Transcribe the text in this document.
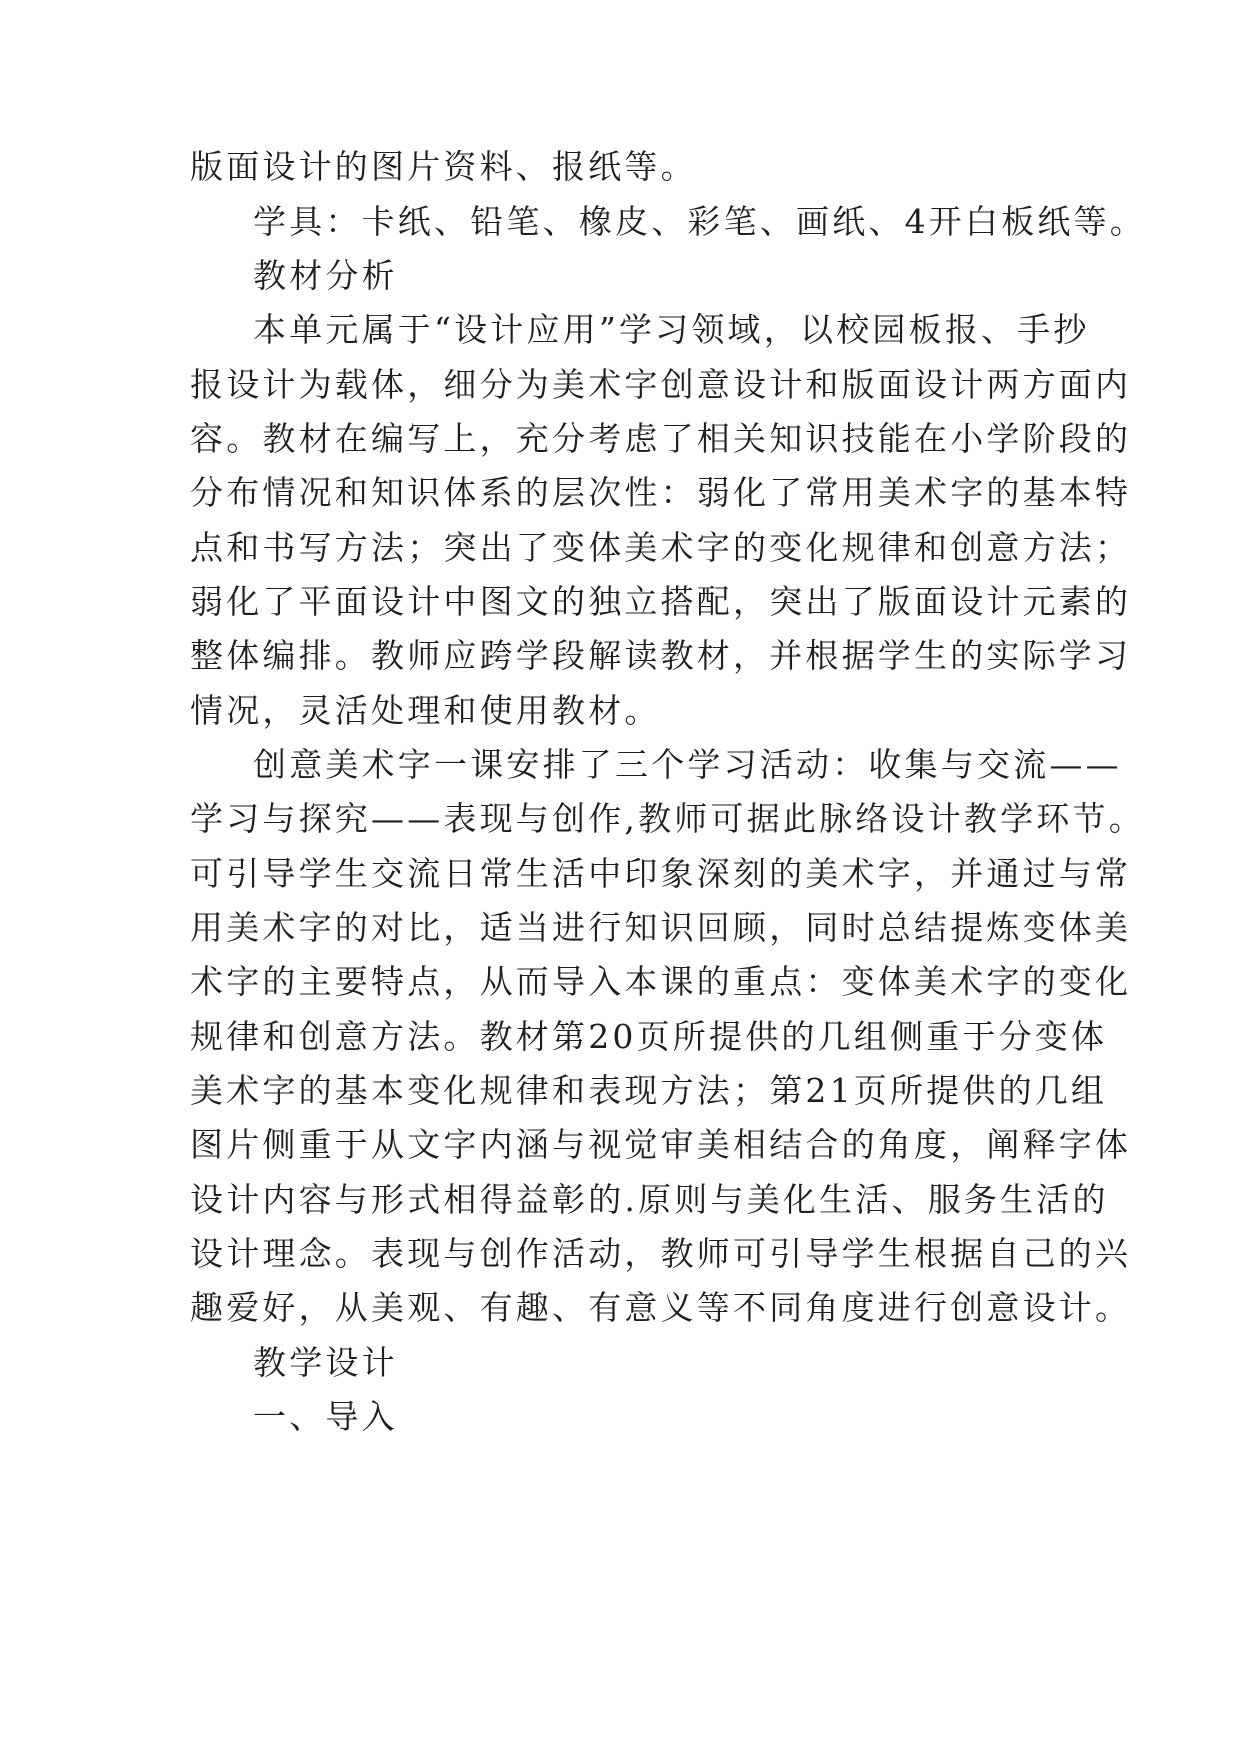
版面设计的图片资料、报纸等。

学具：卡纸、铅笔、橡皮、彩笔、画纸、4开白板纸等。

教材分析

本单元属于“设计应用”学习领域，以校园板报、手抄

报设计为载体，细分为美术字创意设计和版面设计两方面内

容。教材在编写上，充分考虑了相关知识技能在小学阶段的

分布情况和知识体系的层次性：弱化了常用美术字的基本特

点和书写方法；突出了变体美术字的变化规律和创意方法；

弱化了平面设计中图文的独立搭配，突出了版面设计元素的

整体编排。教师应跨学段解读教材，并根据学生的实际学习

情况，灵活处理和使用教材。

创意美术字一课安排了三个学习活动：收集与交流——

学习与探究——表现与创作,教师可据此脉络设计教学环节。

可引导学生交流日常生活中印象深刻的美术字，并通过与常

用美术字的对比，适当进行知识回顾，同时总结提炼变体美

术字的主要特点，从而导入本课的重点：变体美术字的变化

规律和创意方法。教材第20页所提供的几组侧重于分变体

美术字的基本变化规律和表现方法；第21页所提供的几组

图片侧重于从文字内涵与视觉审美相结合的角度，阐释字体

设计内容与形式相得益彰的.原则与美化生活、服务生活的

设计理念。表现与创作活动，教师可引导学生根据自己的兴

趣爱好，从美观、有趣、有意义等不同角度进行创意设计。

教学设计

一、导入
